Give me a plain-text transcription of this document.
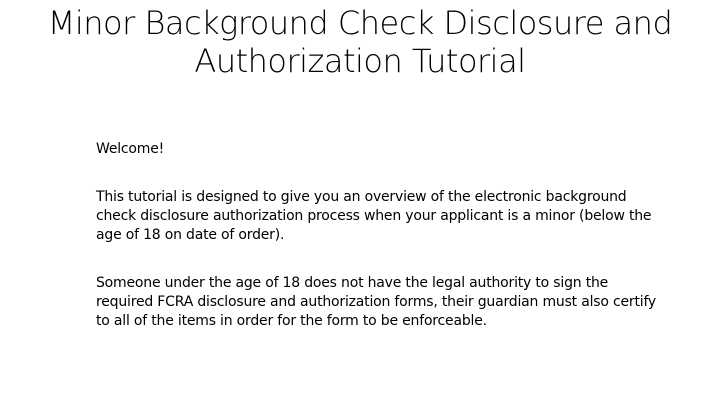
Minor Background Check Disclosure and Authorization Tutorial

Welcome!

This tutorial is designed to give you an overview of the electronic background check disclosure authorization process when your applicant is a minor (below the age of 18 on date of order).

Someone under the age of 18 does not have the legal authority to sign the required FCRA disclosure and authorization forms, their guardian must also certify to all of the items in order for the form to be enforceable.
